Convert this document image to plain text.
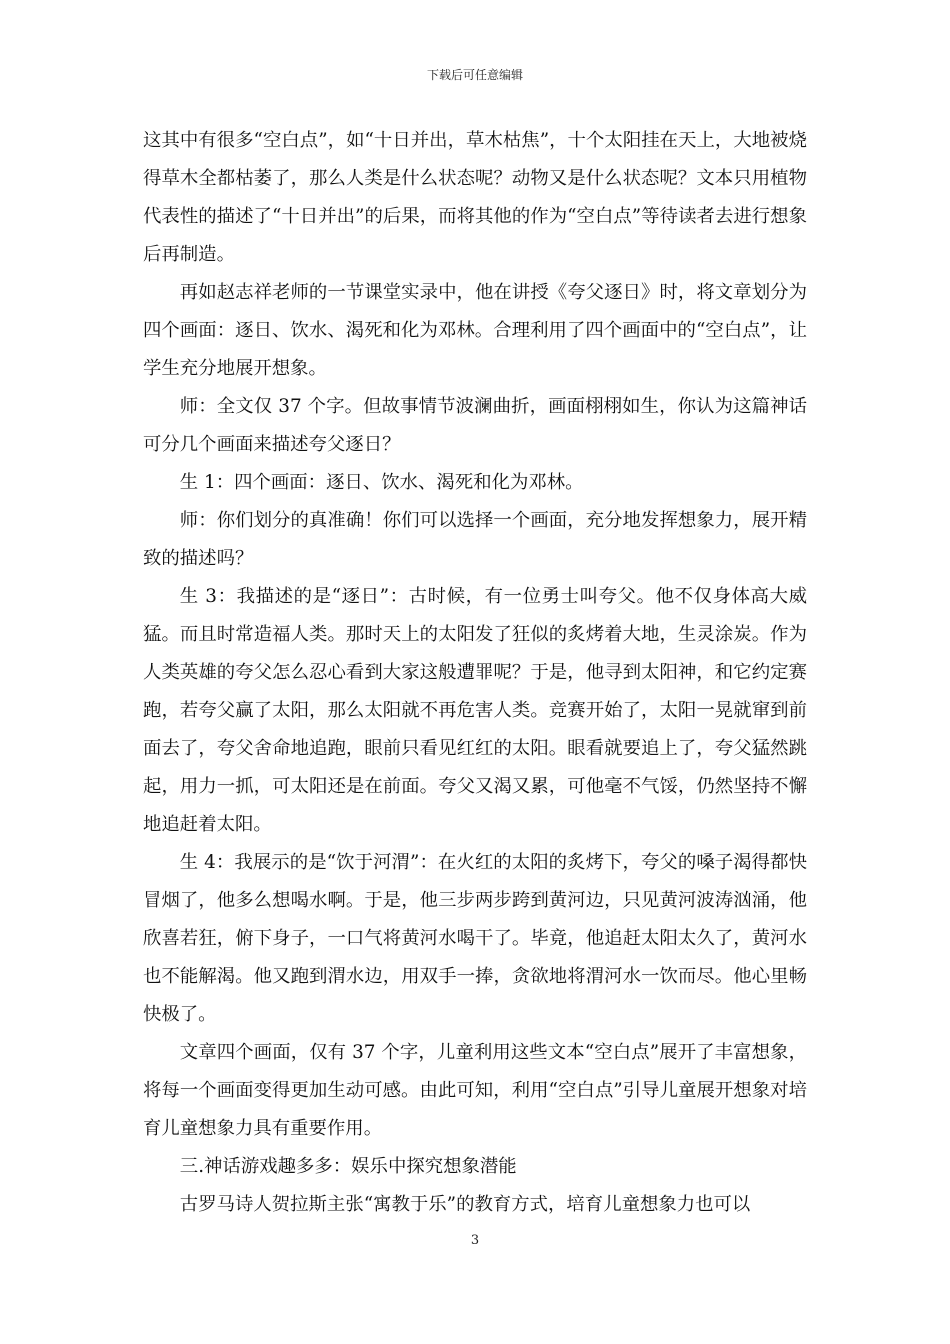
下载后可任意编辑

这其中有很多“空白点”，如“十日并出，草木枯焦”，十个太阳挂在天上，大地被烧得草木全都枯萎了，那么人类是什么状态呢？动物又是什么状态呢？文本只用植物代表性的描述了“十日并出”的后果，而将其他的作为“空白点”等待读者去进行想象后再制造。

再如赵志祥老师的一节课堂实录中，他在讲授《夸父逐日》时，将文章划分为四个画面：逐日、饮水、渴死和化为邓林。合理利用了四个画面中的“空白点”，让学生充分地展开想象。

师：全文仅 37 个字。但故事情节波澜曲折，画面栩栩如生，你认为这篇神话可分几个画面来描述夸父逐日？

生 1：四个画面：逐日、饮水、渴死和化为邓林。

师：你们划分的真准确！你们可以选择一个画面，充分地发挥想象力，展开精致的描述吗？

生 3：我描述的是“逐日”：古时候，有一位勇士叫夸父。他不仅身体高大威猛。而且时常造福人类。那时天上的太阳发了狂似的炙烤着大地，生灵涂炭。作为人类英雄的夸父怎么忍心看到大家这般遭罪呢？于是，他寻到太阳神，和它约定赛跑，若夸父赢了太阳，那么太阳就不再危害人类。竞赛开始了，太阳一晃就窜到前面去了，夸父舍命地追跑，眼前只看见红红的太阳。眼看就要追上了，夸父猛然跳起，用力一抓，可太阳还是在前面。夸父又渴又累，可他毫不气馁，仍然坚持不懈地追赶着太阳。

生 4：我展示的是“饮于河渭”：在火红的太阳的炙烤下，夸父的嗓子渴得都快冒烟了，他多么想喝水啊。于是，他三步两步跨到黄河边，只见黄河波涛汹涌，他欣喜若狂，俯下身子，一口气将黄河水喝干了。毕竟，他追赶太阳太久了，黄河水也不能解渴。他又跑到渭水边，用双手一捧，贪欲地将渭河水一饮而尽。他心里畅快极了。

文章四个画面，仅有 37 个字，儿童利用这些文本“空白点”展开了丰富想象，将每一个画面变得更加生动可感。由此可知，利用“空白点”引导儿童展开想象对培育儿童想象力具有重要作用。

三.神话游戏趣多多：娱乐中探究想象潜能

古罗马诗人贺拉斯主张“寓教于乐”的教育方式，培育儿童想象力也可以

3
